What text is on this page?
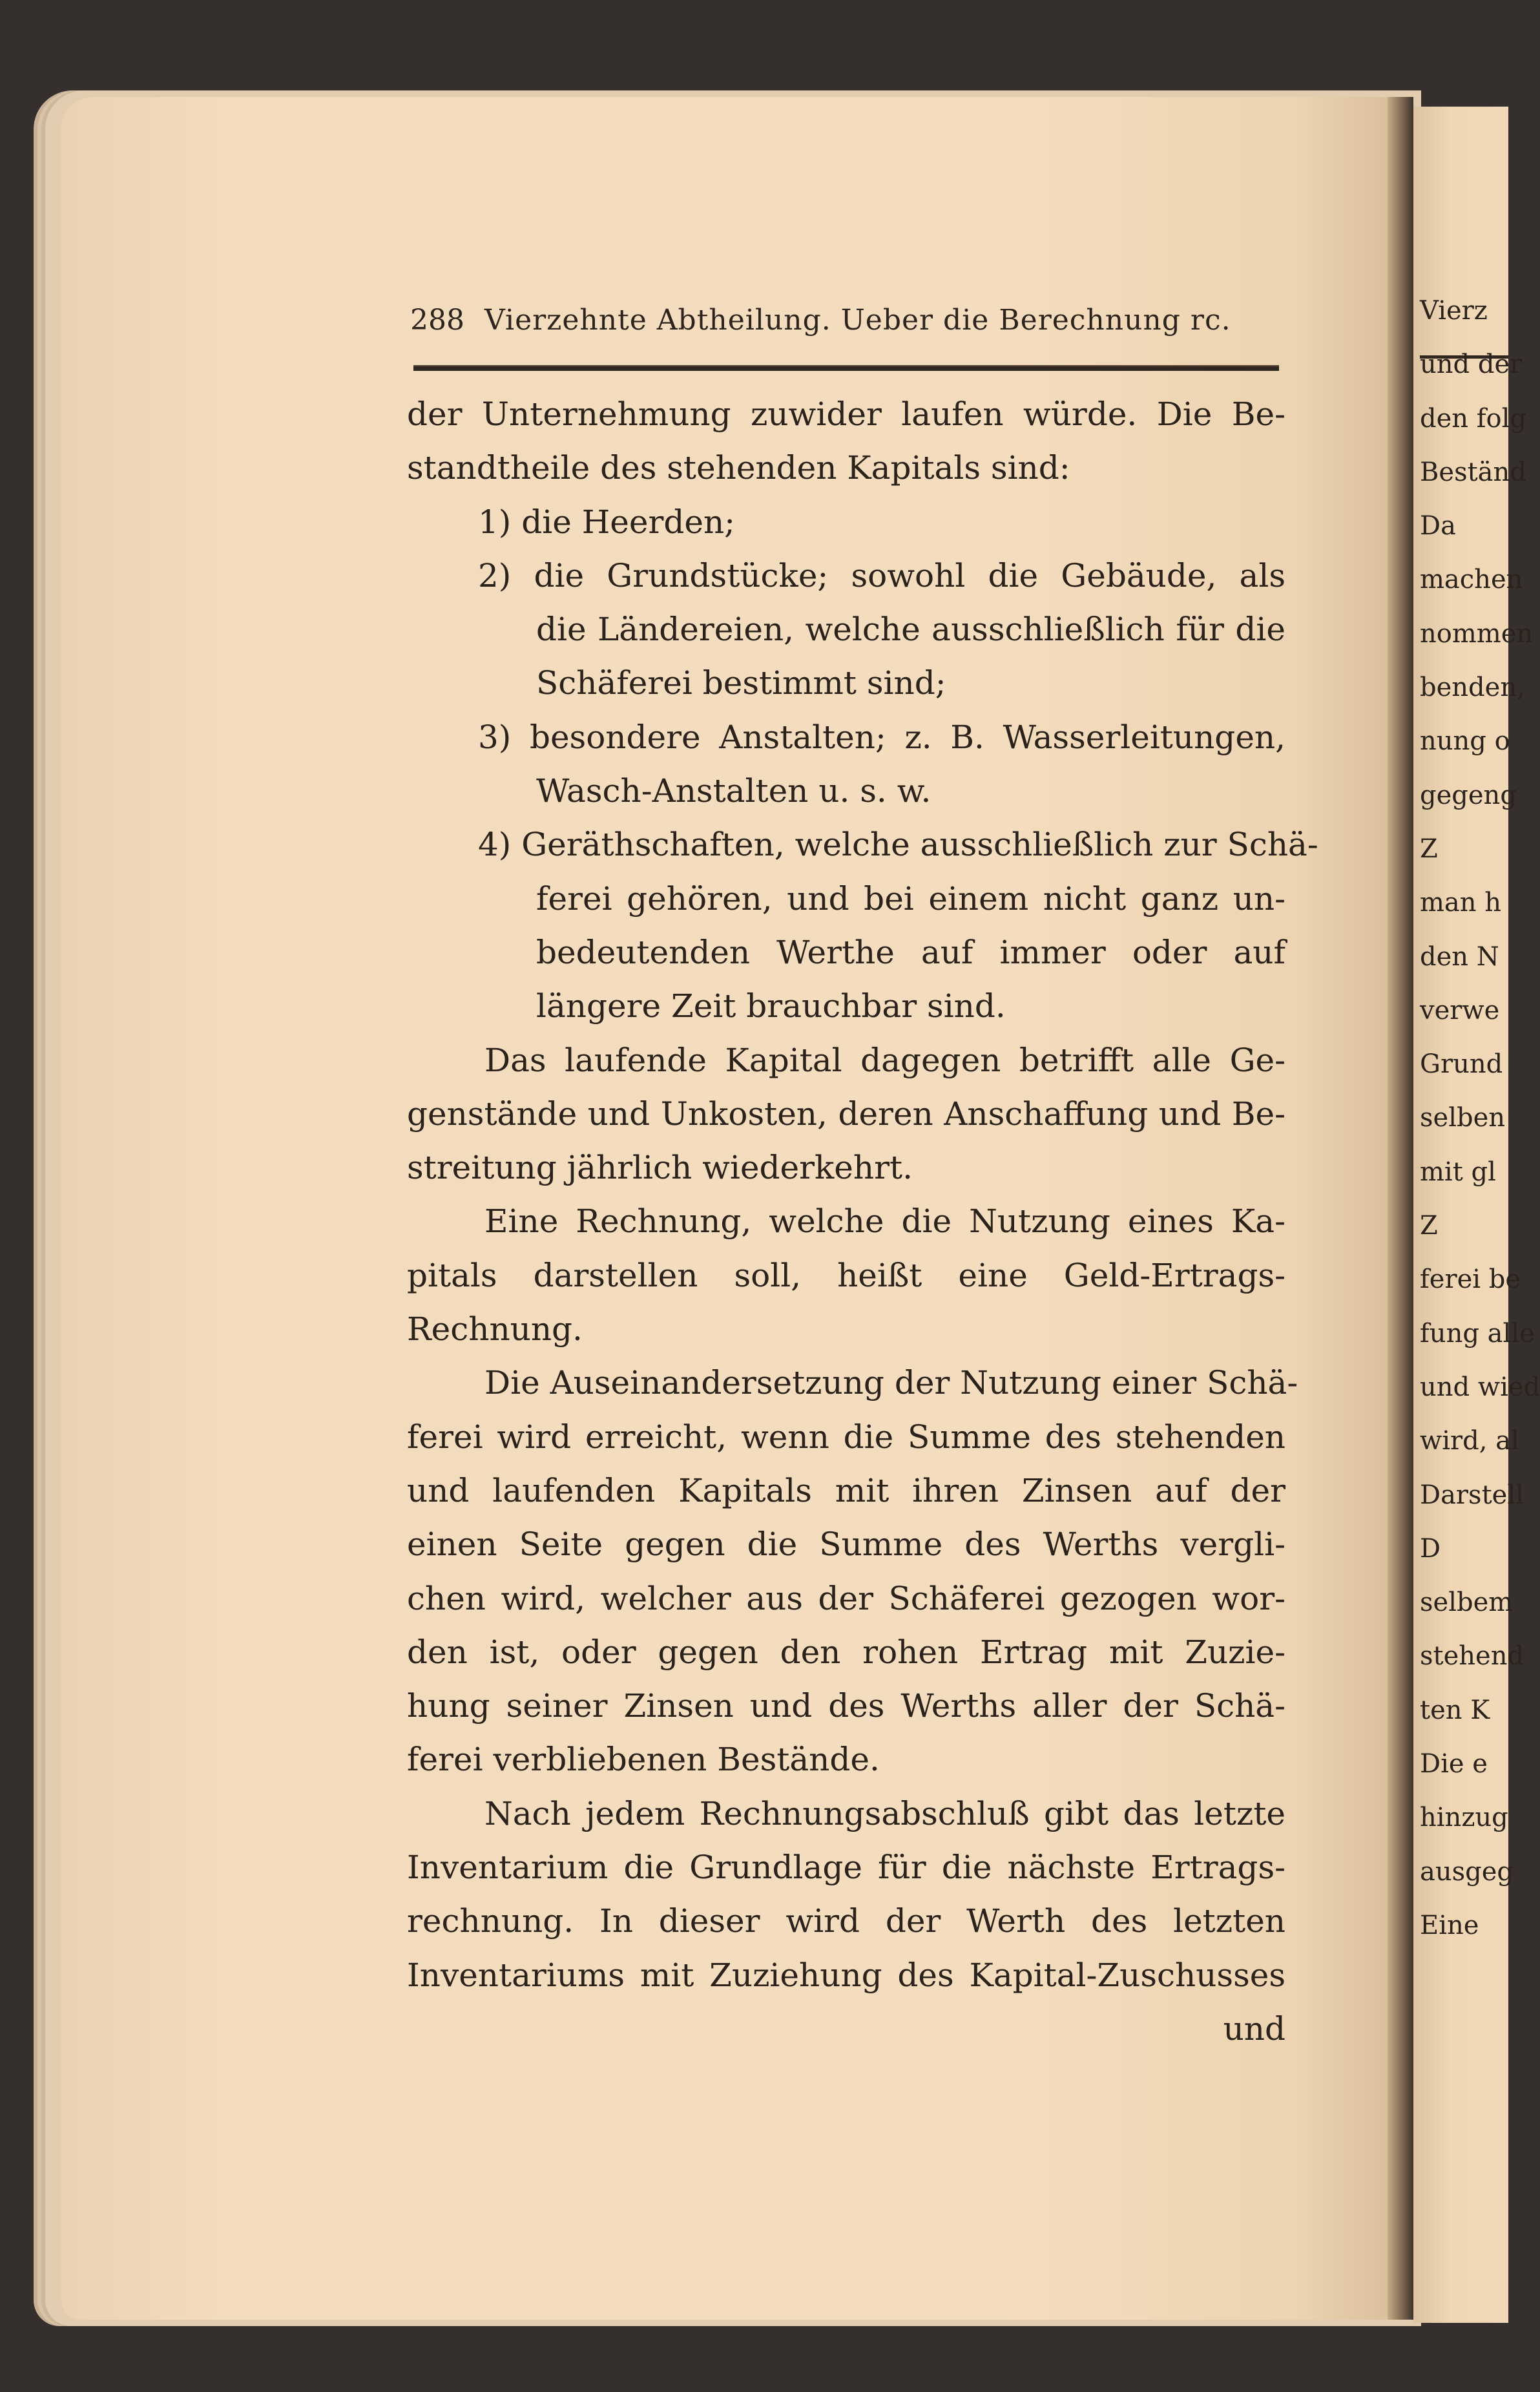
288 Vierzehnte Abtheilung. Ueber die Berechnung rc.
der Unternehmung zuwider laufen würde. Die Be-
standtheile des stehenden Kapitals sind:
1) die Heerden;
2) die Grundstücke; sowohl die Gebäude, als
die Ländereien, welche ausschließlich für die
Schäferei bestimmt sind;
3) besondere Anstalten; z. B. Wasserleitungen,
Wasch-Anstalten u. s. w.
4) Geräthschaften, welche ausschließlich zur Schä-
ferei gehören, und bei einem nicht ganz un-
bedeutenden Werthe auf immer oder auf
längere Zeit brauchbar sind.
Das laufende Kapital dagegen betrifft alle Ge-
genstände und Unkosten, deren Anschaffung und Be-
streitung jährlich wiederkehrt.
Eine Rechnung, welche die Nutzung eines Ka-
pitals darstellen soll, heißt eine Geld-Ertrags-
Rechnung.
Die Auseinandersetzung der Nutzung einer Schä-
ferei wird erreicht, wenn die Summe des stehenden
und laufenden Kapitals mit ihren Zinsen auf der
einen Seite gegen die Summe des Werths vergli-
chen wird, welcher aus der Schäferei gezogen wor-
den ist, oder gegen den rohen Ertrag mit Zuzie-
hung seiner Zinsen und des Werths aller der Schä-
ferei verbliebenen Bestände.
Nach jedem Rechnungsabschluß gibt das letzte
Inventarium die Grundlage für die nächste Ertrags-
rechnung. In dieser wird der Werth des letzten
Inventariums mit Zuziehung des Kapital-Zuschusses
und
Vierz
und der
den folg
Beständ
Da
machen
nommen
benden,
nung o
gegeng
Z
man h
den N
verwe
Grund
selben
mit gl
Z
ferei be
fung alle
und wied
wird, al
Darstell
D
selbem
stehend
ten K
Die e
hinzug
ausgeg
Eine
